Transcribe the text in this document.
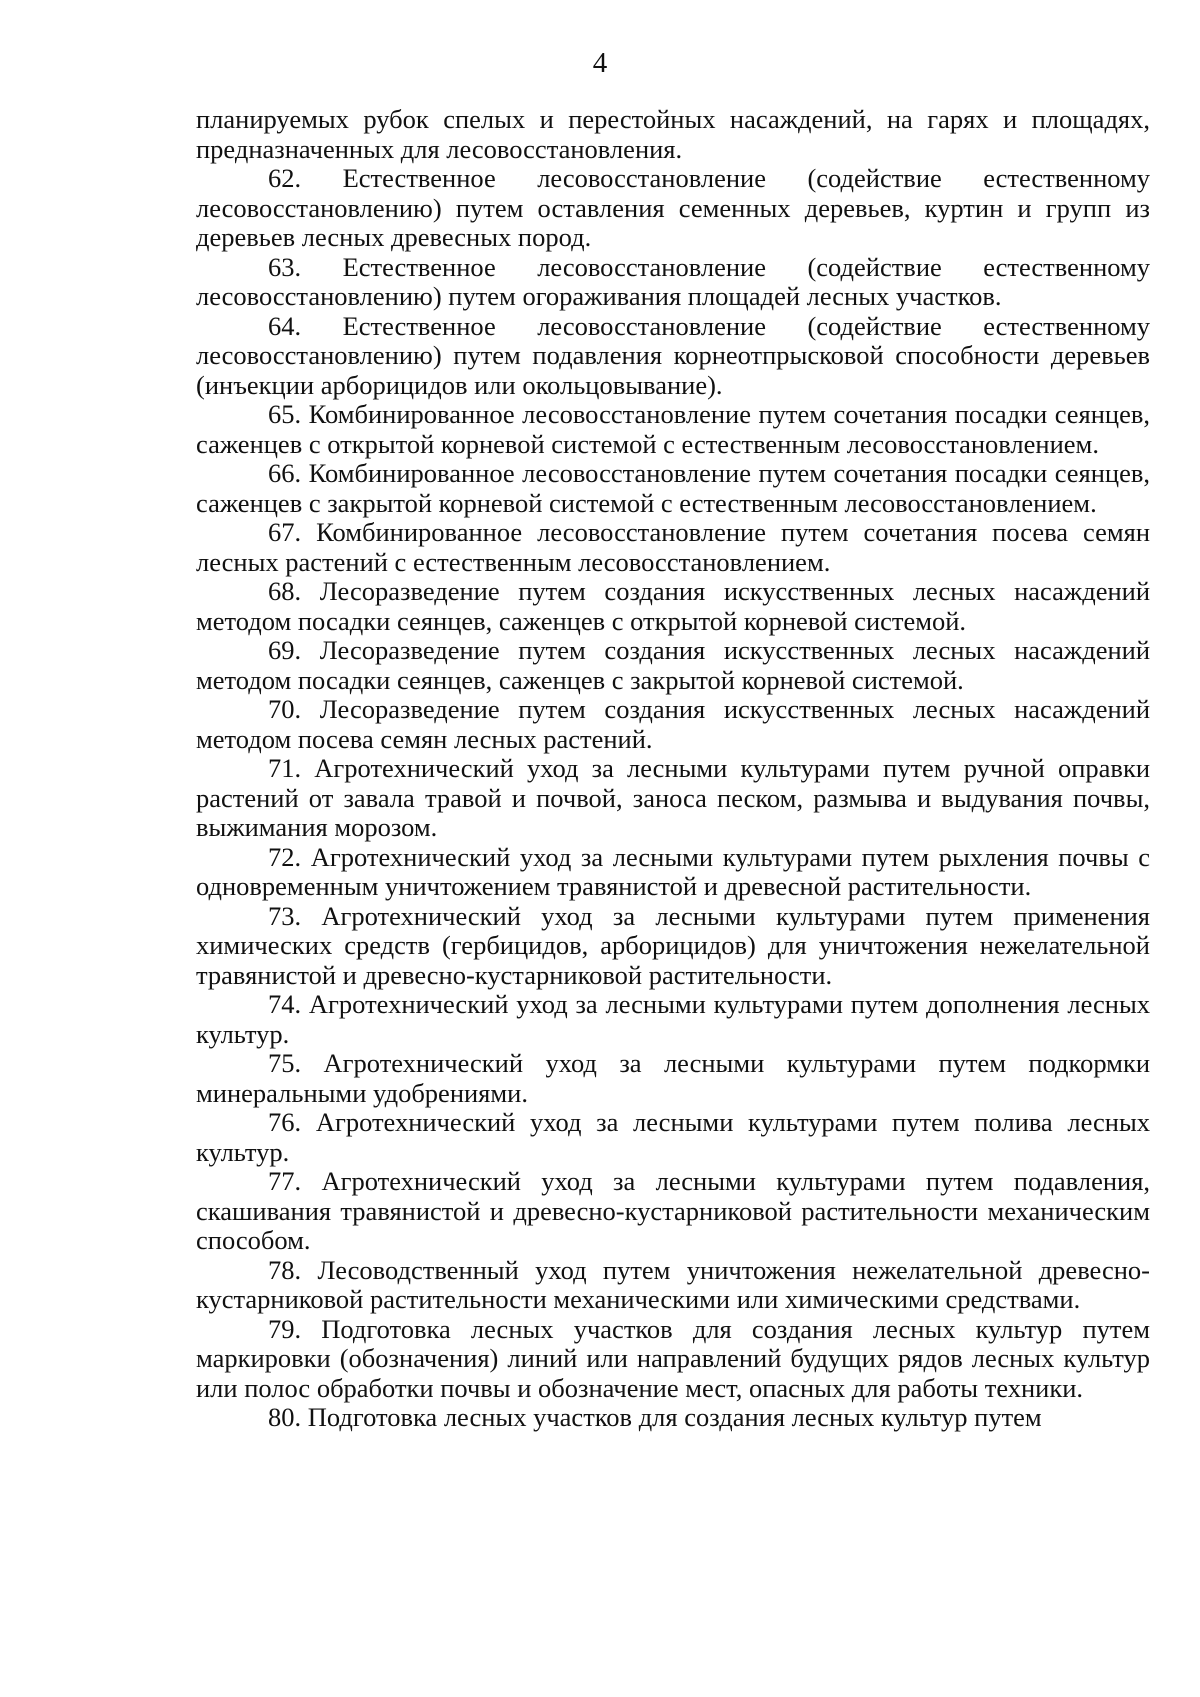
4

планируемых рубок спелых и перестойных насаждений, на гарях и площадях, предназначенных для лесовосстановления.

62. Естественное лесовосстановление (содействие естественному лесовосстановлению) путем оставления семенных деревьев, куртин и групп из деревьев лесных древесных пород.

63. Естественное лесовосстановление (содействие естественному лесовосстановлению) путем огораживания площадей лесных участков.

64. Естественное лесовосстановление (содействие естественному лесовосстановлению) путем подавления корнеотпрысковой способности деревьев (инъекции арборицидов или окольцовывание).

65. Комбинированное лесовосстановление путем сочетания посадки сеянцев, саженцев с открытой корневой системой с естественным лесовосстановлением.

66. Комбинированное лесовосстановление путем сочетания посадки сеянцев, саженцев с закрытой корневой системой с естественным лесовосстановлением.

67. Комбинированное лесовосстановление путем сочетания посева семян лесных растений с естественным лесовосстановлением.

68. Лесоразведение путем создания искусственных лесных насаждений методом посадки сеянцев, саженцев с открытой корневой системой.

69. Лесоразведение путем создания искусственных лесных насаждений методом посадки сеянцев, саженцев с закрытой корневой системой.

70. Лесоразведение путем создания искусственных лесных насаждений методом посева семян лесных растений.

71. Агротехнический уход за лесными культурами путем ручной оправки растений от завала травой и почвой, заноса песком, размыва и выдувания почвы, выжимания морозом.

72. Агротехнический уход за лесными культурами путем рыхления почвы с одновременным уничтожением травянистой и древесной растительности.

73. Агротехнический уход за лесными культурами путем применения химических средств (гербицидов, арборицидов) для уничтожения нежелательной травянистой и древесно-кустарниковой растительности.

74. Агротехнический уход за лесными культурами путем дополнения лесных культур.

75. Агротехнический уход за лесными культурами путем подкормки минеральными удобрениями.

76. Агротехнический уход за лесными культурами путем полива лесных культур.

77. Агротехнический уход за лесными культурами путем подавления, скашивания травянистой и древесно-кустарниковой растительности механическим способом.

78. Лесоводственный уход путем уничтожения нежелательной древесно-кустарниковой растительности механическими или химическими средствами.

79. Подготовка лесных участков для создания лесных культур путем маркировки (обозначения) линий или направлений будущих рядов лесных культур или полос обработки почвы и обозначение мест, опасных для работы техники.

80. Подготовка лесных участков для создания лесных культур путем
